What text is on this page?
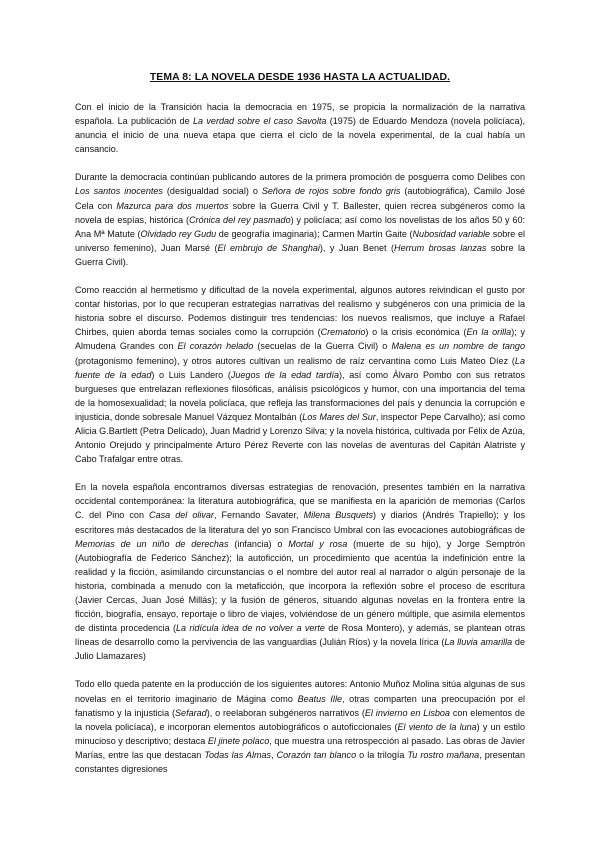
TEMA 8: LA NOVELA DESDE 1936 HASTA LA ACTUALIDAD.

Con el inicio de la Transición hacia la democracia en 1975, se propicia la normalización de la narrativa española. La publicación de La verdad sobre el caso Savolta (1975) de Eduardo Mendoza (novela policíaca), anuncia el inicio de una nueva etapa que cierra el ciclo de la novela experimental, de la cual había un cansancio.

Durante la democracia continúan publicando autores de la primera promoción de posguerra como Delibes con Los santos inocentes (desigualdad social) o Señora de rojos sobre fondo gris (autobiográfica), Camilo José Cela con Mazurca para dos muertos sobre la Guerra Civil y T. Ballester, quien recrea subgéneros como la novela de espías, histórica (Crónica del rey pasmado) y policíaca; así como los novelistas de los años 50 y 60: Ana Mª Matute (Olvidado rey Gudu de geografía imaginaria); Carmen Martín Gaite (Nubosidad variable sobre el universo femenino), Juan Marsé (El embrujo de Shanghai), y Juan Benet (Herrum brosas lanzas sobre la Guerra Civil).

Como reacción al hermetismo y dificultad de la novela experimental, algunos autores reivindican el gusto por contar historias, por lo que recuperan estrategias narrativas del realismo y subgéneros con una primicia de la historia sobre el discurso. Podemos distinguir tres tendencias: los nuevos realismos, que incluye a Rafael Chirbes, quien aborda temas sociales como la corrupción (Crematorio) o la crisis económica (En la orilla); y Almudena Grandes con El corazón helado (secuelas de la Guerra Civil) o Malena es un nombre de tango (protagonismo femenino), y otros autores cultivan un realismo de raíz cervantina como Luis Mateo Díez (La fuente de la edad) o Luis Landero (Juegos de la edad tardía), así como Álvaro Pombo con sus retratos burgueses que entrelazan reflexiones filosóficas, análisis psicológicos y humor, con una importancia del tema de la homosexualidad; la novela policíaca, que refleja las transformaciones del país y denuncia la corrupción e injusticia, donde sobresale Manuel Vázquez Montalbán (Los Mares del Sur, inspector Pepe Carvalho); así como Alicia G.Bartlett (Petra Delicado), Juan Madrid y Lorenzo Silva; y la novela histórica, cultivada por Félix de Azúa, Antonio Orejudo y principalmente Arturo Pérez Reverte con las novelas de aventuras del Capitán Alatriste y Cabo Trafalgar entre otras.

En la novela española encontramos diversas estrategias de renovación, presentes también en la narrativa occidental contemporánea: la literatura autobiográfica, que se manifiesta en la aparición de memorias (Carlos C. del Pino con Casa del olivar, Fernando Savater, Milena Busquets) y diarios (Andrés Trapiello); y los escritores más destacados de la literatura del yo son Francisco Umbral con las evocaciones autobiográficas de Memorias de un niño de derechas (infancia) o Mortal y rosa (muerte de su hijo), y Jorge Semptrón (Autobiografía de Federico Sánchez); la autoficción, un procedimiento que acentúa la indefinición entre la realidad y la ficción, asimilando circunstancias o el nombre del autor real al narrador o algún personaje de la historia, combinada a menudo con la metaficción, que incorpora la reflexión sobre el proceso de escritura (Javier Cercas, Juan José Millás); y la fusión de géneros, situando algunas novelas en la frontera entre la ficción, biografía, ensayo, reportaje o libro de viajes, volviéndose de un género múltiple, que asimila elementos de distinta procedencia (La ridícula idea de no volver a verte de Rosa Montero), y además, se plantean otras líneas de desarrollo como la pervivencia de las vanguardias (Julián Ríos) y la novela lírica (La lluvia amarilla de Julio Llamazares)

Todo ello queda patente en la producción de los siguientes autores: Antonio Muñoz Molina sitúa algunas de sus novelas en el territorio imaginario de Mágina como Beatus Ille, otras comparten una preocupación por el fanatismo y la injusticia (Sefarad), o reelaboran subgéneros narrativos (El invierno en Lisboa con elementos de la novela policíaca), e incorporan elementos autobiográficos o autoficcionales (El viento de la luna) y un estilo minucioso y descriptivo; destaca El jinete polaco, que muestra una retrospección al pasado. Las obras de Javier Marías, entre las que destacan Todas las Almas, Corazón tan blanco o la trilogía Tu rostro mañana, presentan constantes digresiones
